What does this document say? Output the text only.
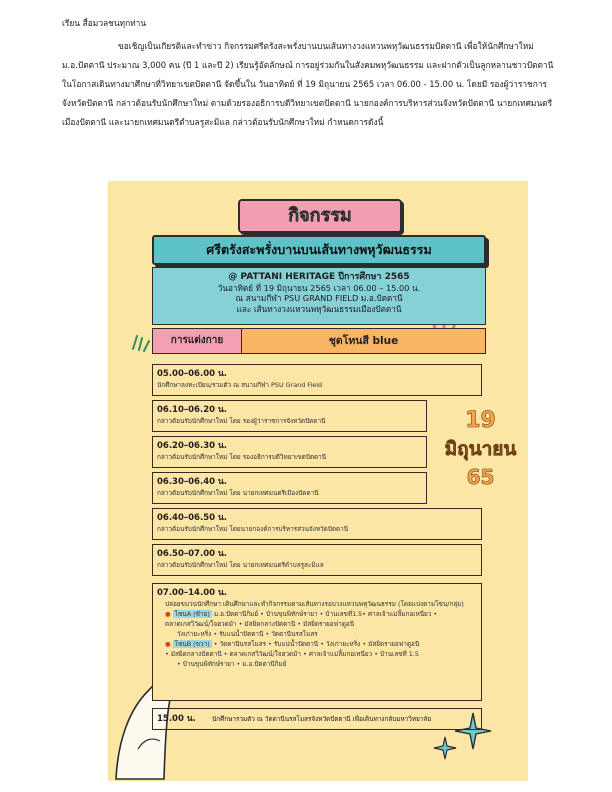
เรียน สื่อมวลชนทุกท่าน

ขอเชิญเป็นเกียรติและทำข่าว กิจกรรมศรีตรังสะพรั่งบานบนเส้นทางวงแหวนพหุวัฒนธรรมปัตตานี เพื่อให้นักศึกษาใหม่ ม.อ.ปัตตานี ประมาณ 3,000 คน (ปี 1 และปี 2) เรียนรู้อัตลักษณ์ การอยู่ร่วมกันในสังคมพหุวัฒนธรรม และฝากตัวเป็นลูกหลานชาวปัตตานี ในโอกาสเดินทางมาศึกษาที่วิทยาเขตปัตตานี จัดขึ้นใน วันอาทิตย์ ที่ 19 มิถุนายน 2565 เวลา 06.00 - 15.00 น. โดยมี รองผู้ว่าราชการจังหวัดปัตตานี กล่าวต้อนรับนักศึกษาใหม่ ตามด้วยรองอธิการบดีวิทยาเขตปัตตานี นายกองค์การบริหารส่วนจังหวัดปัตตานี นายกเทศมนตรีเมืองปัตตานี และนายกเทศมนตรีตำบลรูสะมิแล กล่าวต้อนรับนักศึกษาใหม่ กำหนดการดังนี้

กิจกรรม
ศรีตรังสะพรั่งบานบนเส้นทางพหุวัฒนธรรม
@ PATTANI HERITAGE ปีการศึกษา 2565
วันอาทิตย์ ที่ 19 มิถุนายน 2565 เวลา 06.00 – 15.00 น.
ณ สนามกีฬา PSU GRAND FIELD ม.อ.ปัตตานี
และ เส้นทางวงแหวนพหุวัฒนธรรมเมืองปัตตานี
การแต่งกาย	ชุดโทนสี blue
05.00–06.00 น.
นักศึกษาลงทะเบียน/รวมตัว ณ สนามกีฬา PSU Grand Field
06.10–06.20 น.
กล่าวต้อนรับนักศึกษาใหม่ โดย รองผู้ว่าราชการจังหวัดปัตตานี
06.20–06.30 น.
กล่าวต้อนรับนักศึกษาใหม่ โดย รองอธิการบดีวิทยาเขตปัตตานี
06.30–06.40 น.
กล่าวต้อนรับนักศึกษาใหม่ โดย นายกเทศมนตรีเมืองปัตตานี
06.40–06.50 น.
กล่าวต้อนรับนักศึกษาใหม่ โดยนายกองค์การบริหารส่วนจังหวัดปัตตานี
06.50–07.00 น.
กล่าวต้อนรับนักศึกษาใหม่ โดย นายกเทศมนตรีตำบลรูสะมิแล
19
มิถุนายน
65
07.00–14.00 น.
ปล่อยขบวนนักศึกษา เดินศึกษาและทำกิจกรรมตามเส้นทางรอบวงแหวนพหุวัฒนธรรม (โดยแบ่งตามโซน/กลุ่ม)
● โซนA (ซ้าย) ม.อ.ปัตตานีกิมย์ • บ้านขุนพิทักษ์รายา • บ้านเลขที่1.5• ศาลเจ้าแม่ลิ้มกอเหนี่ยว •
ตลาดเกสวิวัฒน์/ใจฮวดม้า • มัสยิดกลางปัตตานี • มัสยิดรายอฟาตูอนี
วังเก่ายะหริ่ง • รับแน่น้ำปัตตานี • วัดตานีนรสโมสร
● โซนB (ขวา) • วัดตานีนรสโมสร • รับแน่น้ำปัตตานี • วังเก่ายะหริ่ง • มัสยิดรายอฟาตูอนี
• มัสยิดกลางปัตตานี • ตลาดเกสวิวัฒน์/ใจฮวดม้า • ศาลเจ้าแม่ลิ้มกอเหนี่ยว • บ้านเลขที่ 1.5
• บ้านขุนพิทักษ์รายา • ม.อ.ปัตตานีกิมย์
15.00 น.	นักศึกษารวมตัว ณ วัดตานีนรสโมสรจังหวัดปัตตานี เพื่อเดินทางกลับมหาวิทยาลัย
